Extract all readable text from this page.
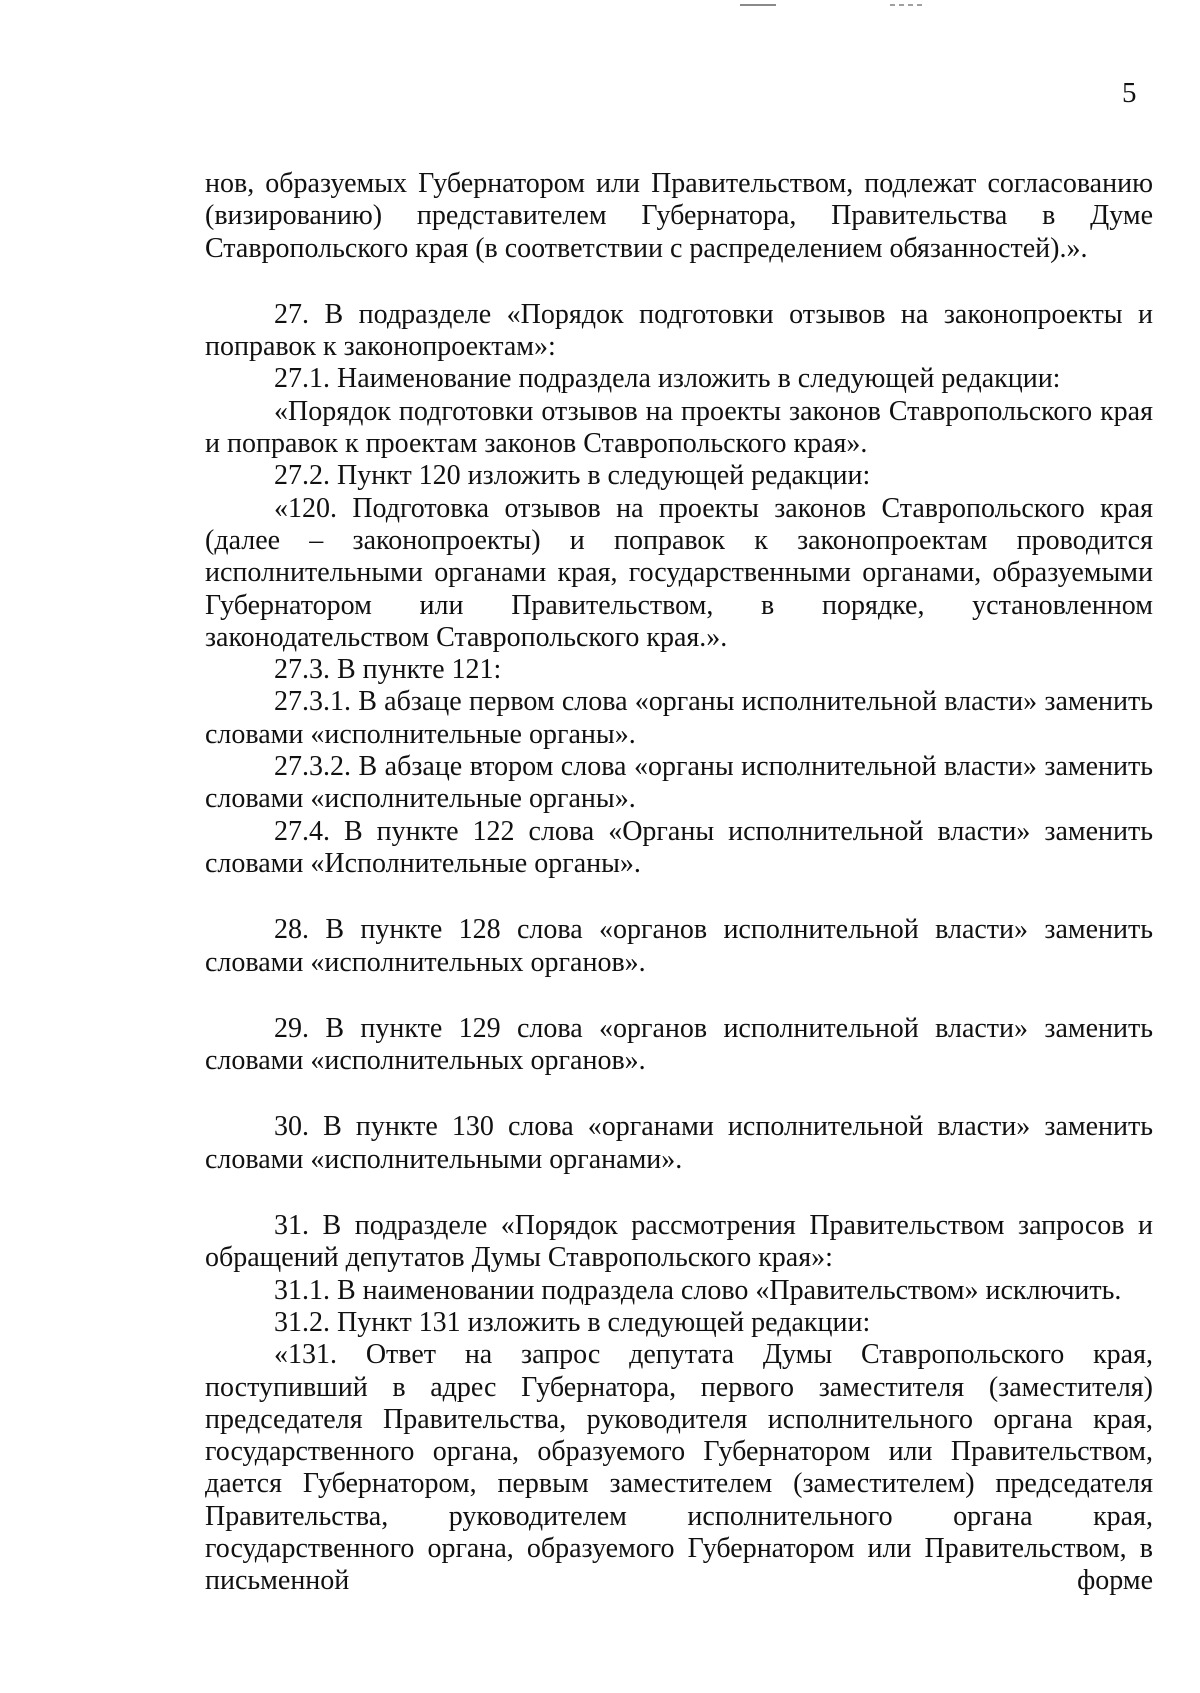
5

нов, образуемых Губернатором или Правительством, подлежат согласованию (визированию) представителем Губернатора, Правительства в Думе Ставропольского края (в соответствии с распределением обязанностей).».

27. В подразделе «Порядок подготовки отзывов на законопроекты и поправок к законопроектам»:

27.1. Наименование подраздела изложить в следующей редакции:

«Порядок подготовки отзывов на проекты законов Ставропольского края и поправок к проектам законов Ставропольского края».

27.2. Пункт 120 изложить в следующей редакции:

«120. Подготовка отзывов на проекты законов Ставропольского края (далее – законопроекты) и поправок к законопроектам проводится исполнительными органами края, государственными органами, образуемыми Губернатором или Правительством, в порядке, установленном законодательством Ставропольского края.».

27.3. В пункте 121:

27.3.1. В абзаце первом слова «органы исполнительной власти» заменить словами «исполнительные органы».

27.3.2. В абзаце втором слова «органы исполнительной власти» заменить словами «исполнительные органы».

27.4. В пункте 122 слова «Органы исполнительной власти» заменить словами «Исполнительные органы».

28. В пункте 128 слова «органов исполнительной власти» заменить словами «исполнительных органов».

29. В пункте 129 слова «органов исполнительной власти» заменить словами «исполнительных органов».

30. В пункте 130 слова «органами исполнительной власти» заменить словами «исполнительными органами».

31. В подразделе «Порядок рассмотрения Правительством запросов и обращений депутатов Думы Ставропольского края»:

31.1. В наименовании подраздела слово «Правительством» исключить.

31.2. Пункт 131 изложить в следующей редакции:

«131. Ответ на запрос депутата Думы Ставропольского края, поступивший в адрес Губернатора, первого заместителя (заместителя) председателя Правительства, руководителя исполнительного органа края, государственного органа, образуемого Губернатором или Правительством, дается Губернатором, первым заместителем (заместителем) председателя Правительства, руководителем исполнительного органа края, государственного органа, образуемого Губернатором или Правительством, в письменной форме
